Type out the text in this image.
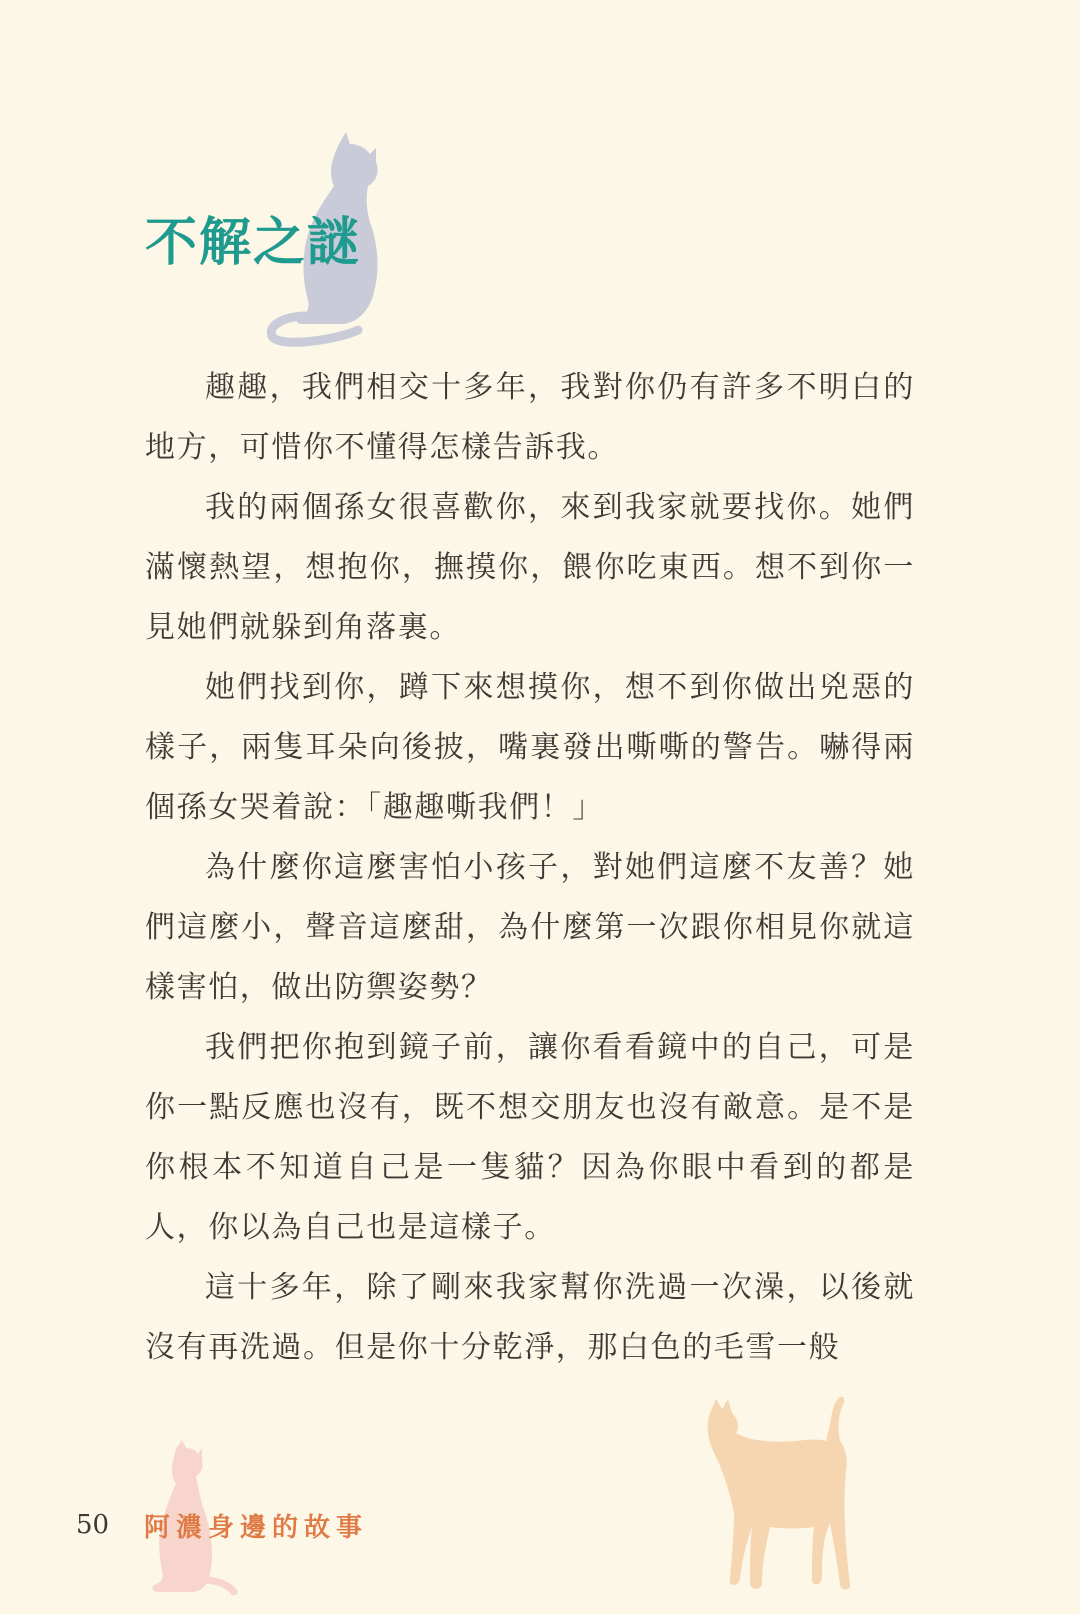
不解之謎

趣趣，我們相交十多年，我對你仍有許多不明白的地方，可惜你不懂得怎樣告訴我。

我的兩個孫女很喜歡你，來到我家就要找你。她們滿懷熱望，想抱你，撫摸你，餵你吃東西。想不到你一見她們就躲到角落裏。

她們找到你，蹲下來想摸你，想不到你做出兇惡的樣子，兩隻耳朵向後披，嘴裏發出嘶嘶的警告。嚇得兩個孫女哭着說：「趣趣嘶我們！」

為什麼你這麼害怕小孩子，對她們這麼不友善？她們這麼小，聲音這麼甜，為什麼第一次跟你相見你就這樣害怕，做出防禦姿勢？

我們把你抱到鏡子前，讓你看看鏡中的自己，可是你一點反應也沒有，既不想交朋友也沒有敵意。是不是你根本不知道自己是一隻貓？因為你眼中看到的都是人，你以為自己也是這樣子。

這十多年，除了剛來我家幫你洗過一次澡，以後就沒有再洗過。但是你十分乾淨，那白色的毛雪一般

50	阿濃身邊的故事
